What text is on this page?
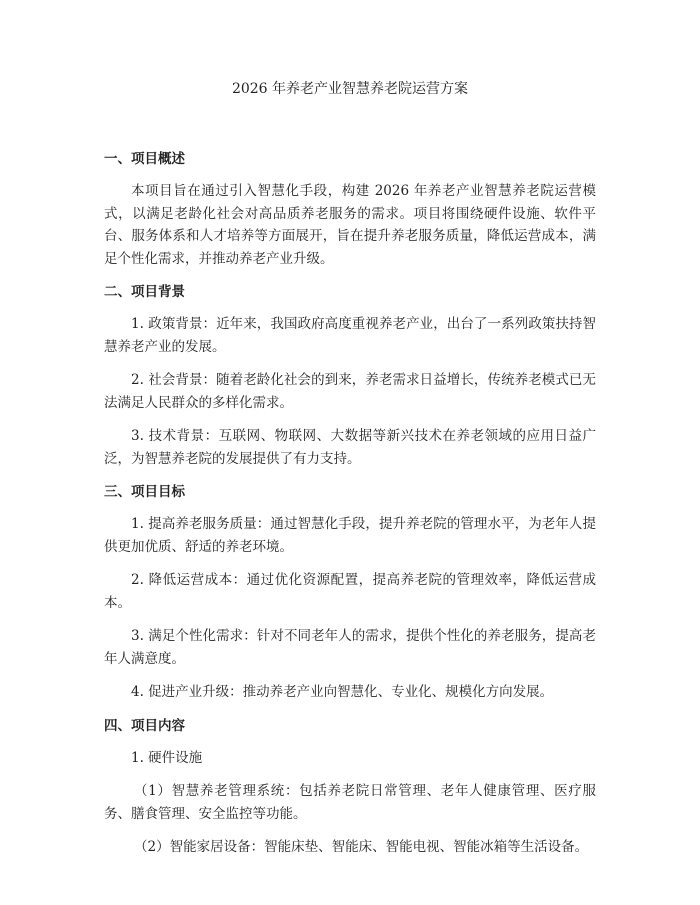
2026 年养老产业智慧养老院运营方案
一、项目概述

本项目旨在通过引入智慧化手段，构建 2026 年养老产业智慧养老院运营模式，以满足老龄化社会对高品质养老服务的需求。项目将围绕硬件设施、软件平台、服务体系和人才培养等方面展开，旨在提升养老服务质量，降低运营成本，满足个性化需求，并推动养老产业升级。

二、项目背景

1. 政策背景：近年来，我国政府高度重视养老产业，出台了一系列政策扶持智慧养老产业的发展。

2. 社会背景：随着老龄化社会的到来，养老需求日益增长，传统养老模式已无法满足人民群众的多样化需求。

3. 技术背景：互联网、物联网、大数据等新兴技术在养老领域的应用日益广泛，为智慧养老院的发展提供了有力支持。

三、项目目标

1. 提高养老服务质量：通过智慧化手段，提升养老院的管理水平，为老年人提供更加优质、舒适的养老环境。

2. 降低运营成本：通过优化资源配置，提高养老院的管理效率，降低运营成本。

3. 满足个性化需求：针对不同老年人的需求，提供个性化的养老服务，提高老年人满意度。

4. 促进产业升级：推动养老产业向智慧化、专业化、规模化方向发展。

四、项目内容

1. 硬件设施

（1）智慧养老管理系统：包括养老院日常管理、老年人健康管理、医疗服务、膳食管理、安全监控等功能。

（2）智能家居设备：智能床垫、智能床、智能电视、智能冰箱等生活设备。
